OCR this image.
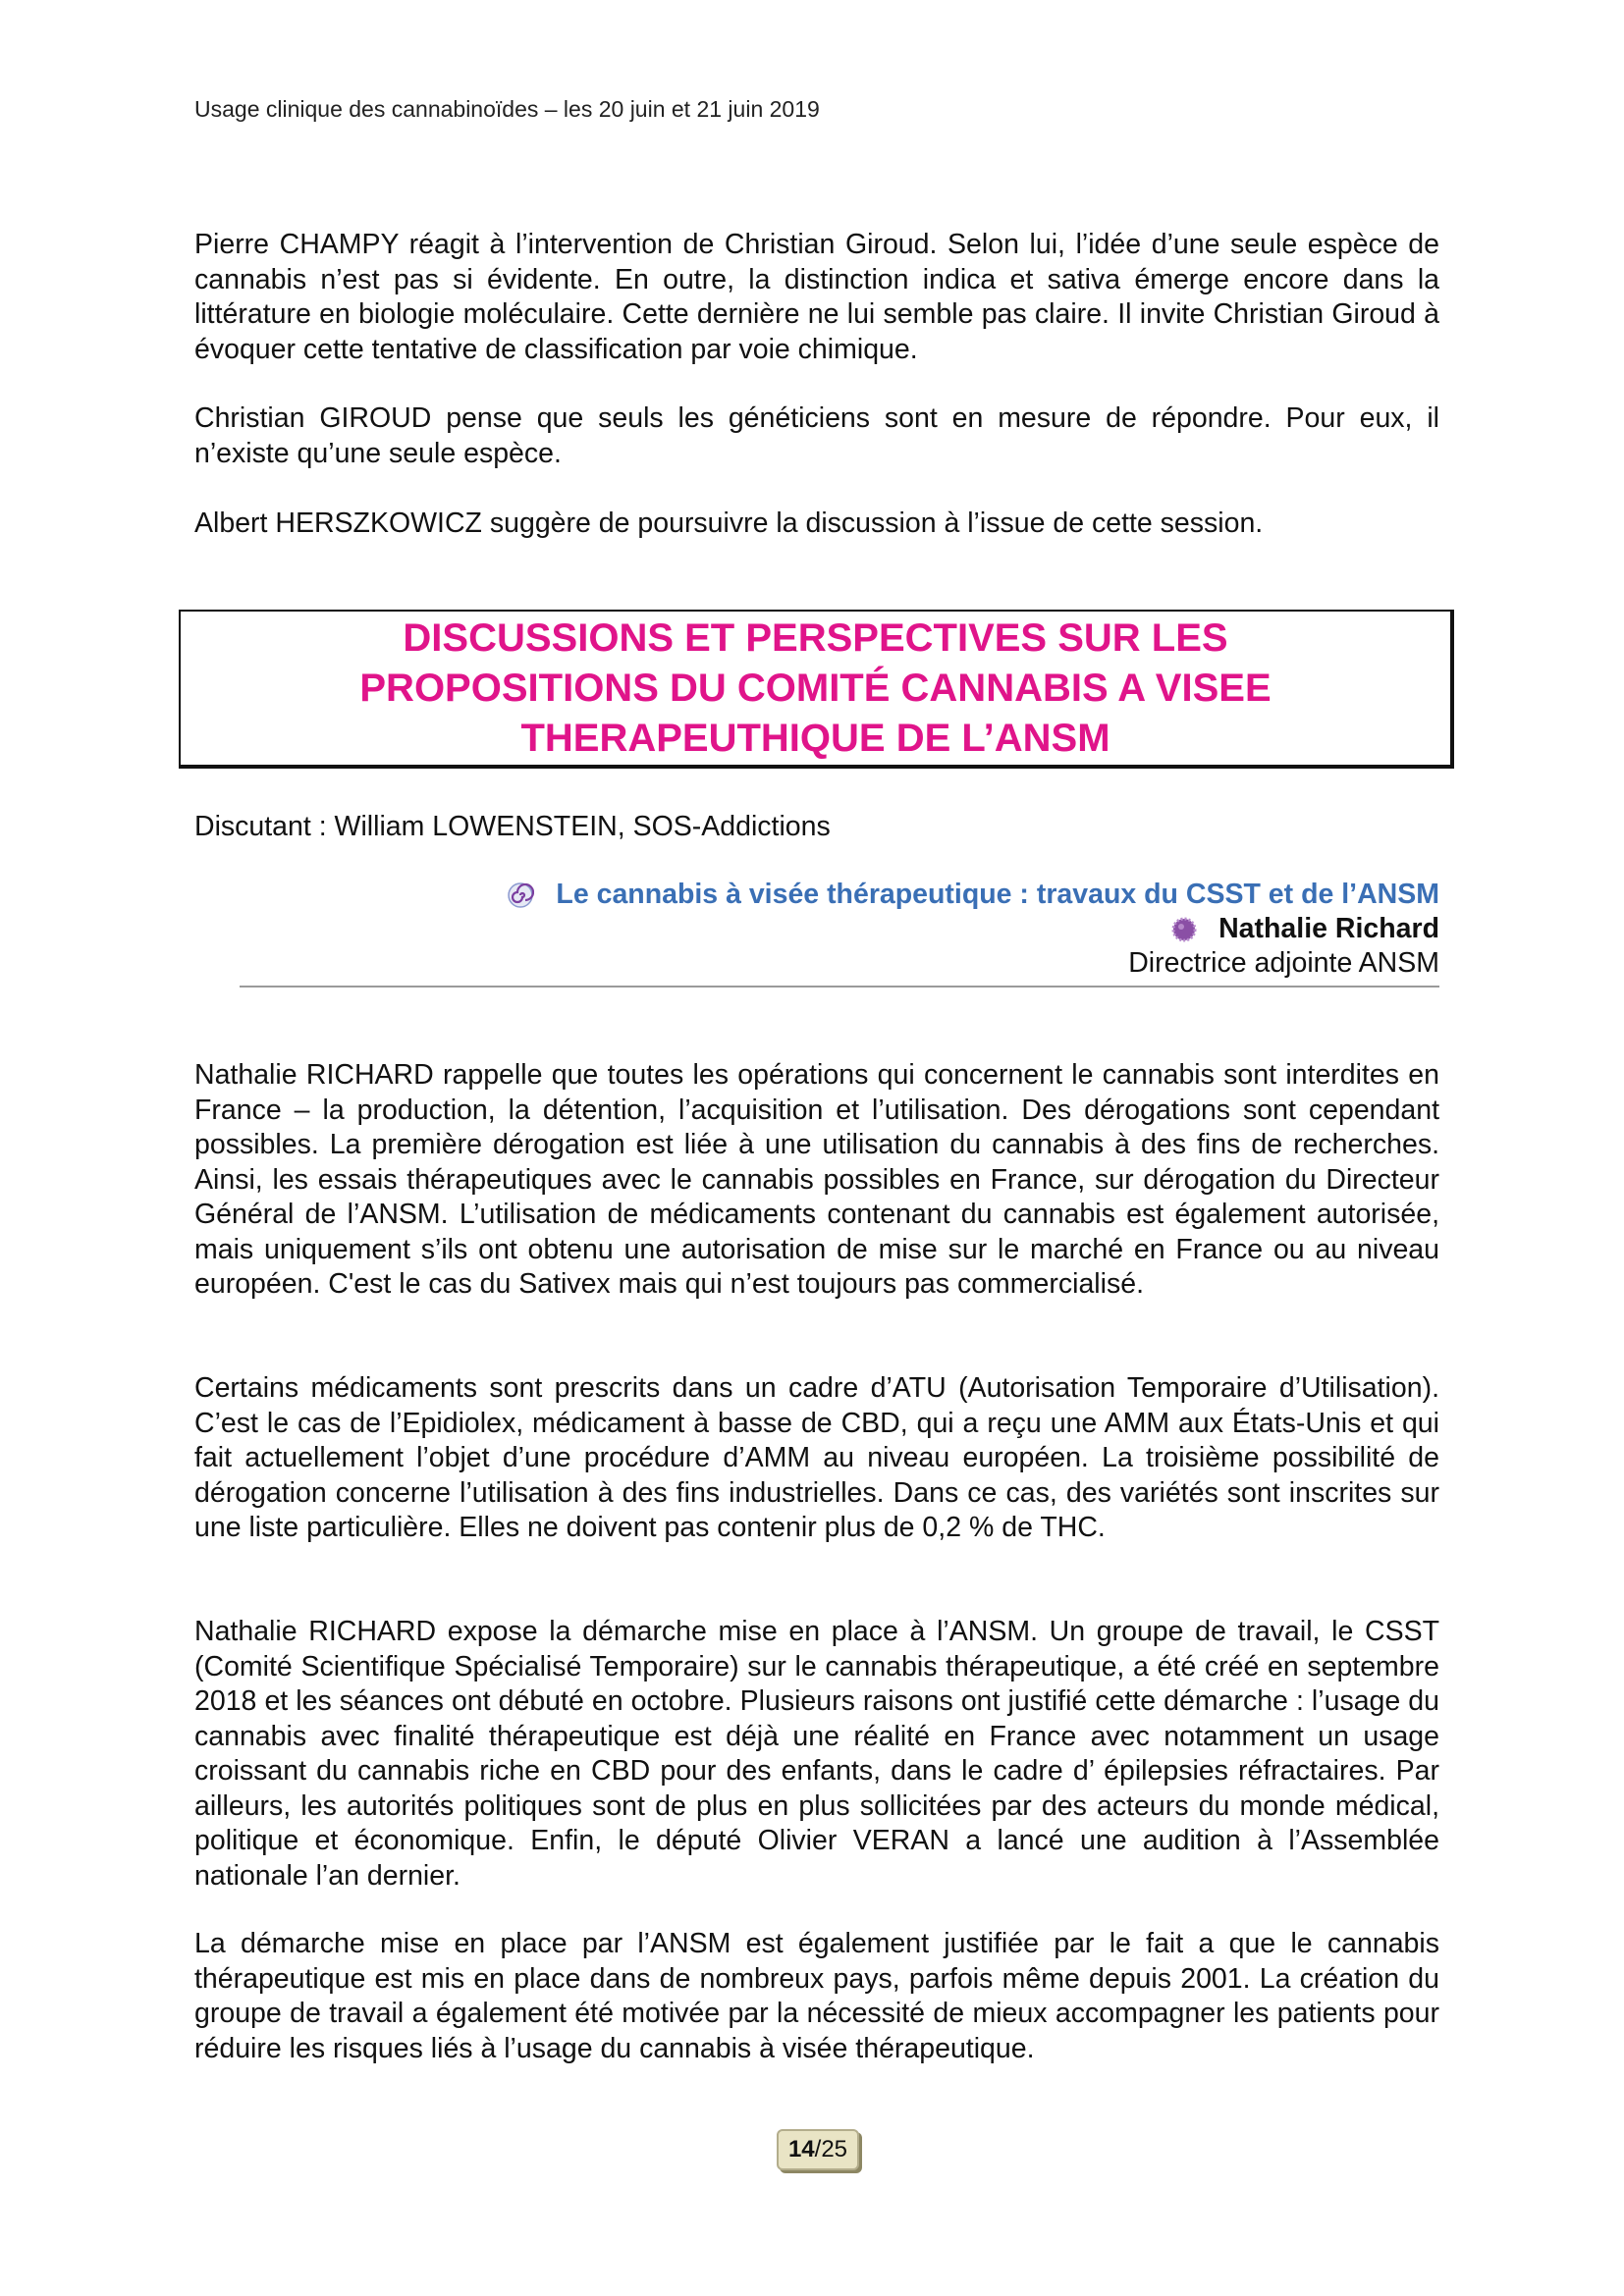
Usage clinique des cannabinoïdes – les 20 juin et 21 juin 2019

Pierre CHAMPY réagit à l’intervention de Christian Giroud. Selon lui, l’idée d’une seule espèce de cannabis n’est pas si évidente. En outre, la distinction indica et sativa émerge encore dans la littérature en biologie moléculaire. Cette dernière ne lui semble pas claire. Il invite Christian Giroud à évoquer cette tentative de classification par voie chimique.

Christian GIROUD pense que seuls les généticiens sont en mesure de répondre. Pour eux, il n’existe qu’une seule espèce.

Albert HERSZKOWICZ suggère de poursuivre la discussion à l’issue de cette session.

DISCUSSIONS ET PERSPECTIVES SUR LES PROPOSITIONS DU COMITÉ CANNABIS A VISEE THERAPEUTHIQUE DE L’ANSM
Discutant : William LOWENSTEIN, SOS-Addictions
Le cannabis à visée thérapeutique : travaux du CSST et de l’ANSM
Nathalie Richard
Directrice adjointe ANSM

Nathalie RICHARD rappelle que toutes les opérations qui concernent le cannabis sont interdites en France – la production, la détention, l’acquisition et l’utilisation. Des dérogations sont cependant possibles. La première dérogation est liée à une utilisation du cannabis à des fins de recherches. Ainsi, les essais thérapeutiques avec le cannabis possibles en France, sur dérogation du Directeur Général de l’ANSM. L’utilisation de médicaments contenant du cannabis est également autorisée, mais uniquement s’ils ont obtenu une autorisation de mise sur le marché en France ou au niveau européen. C'est le cas du Sativex mais qui n’est toujours pas commercialisé.

Certains médicaments sont prescrits dans un cadre d’ATU (Autorisation Temporaire d’Utilisation). C’est le cas de l’Epidiolex, médicament à basse de CBD, qui a reçu une AMM aux États-Unis et qui fait actuellement l’objet d’une procédure d’AMM au niveau européen. La troisième possibilité de dérogation concerne l’utilisation à des fins industrielles. Dans ce cas, des variétés sont inscrites sur une liste particulière. Elles ne doivent pas contenir plus de 0,2 % de THC.

Nathalie RICHARD expose la démarche mise en place à l’ANSM. Un groupe de travail, le CSST (Comité Scientifique Spécialisé Temporaire) sur le cannabis thérapeutique, a été créé en septembre 2018 et les séances ont débuté en octobre. Plusieurs raisons ont justifié cette démarche : l’usage du cannabis avec finalité thérapeutique est déjà une réalité en France avec notamment un usage croissant du cannabis riche en CBD pour des enfants, dans le cadre d’ épilepsies réfractaires. Par ailleurs, les autorités politiques sont de plus en plus sollicitées par des acteurs du monde médical, politique et économique. Enfin, le député Olivier VERAN a lancé une audition à l’Assemblée nationale l’an dernier.

La démarche mise en place par l’ANSM est également justifiée par le fait a que le cannabis thérapeutique est mis en place dans de nombreux pays, parfois même depuis 2001. La création du groupe de travail a également été motivée par la nécessité de mieux accompagner les patients pour réduire les risques liés à l’usage du cannabis à visée thérapeutique.

14 /25
